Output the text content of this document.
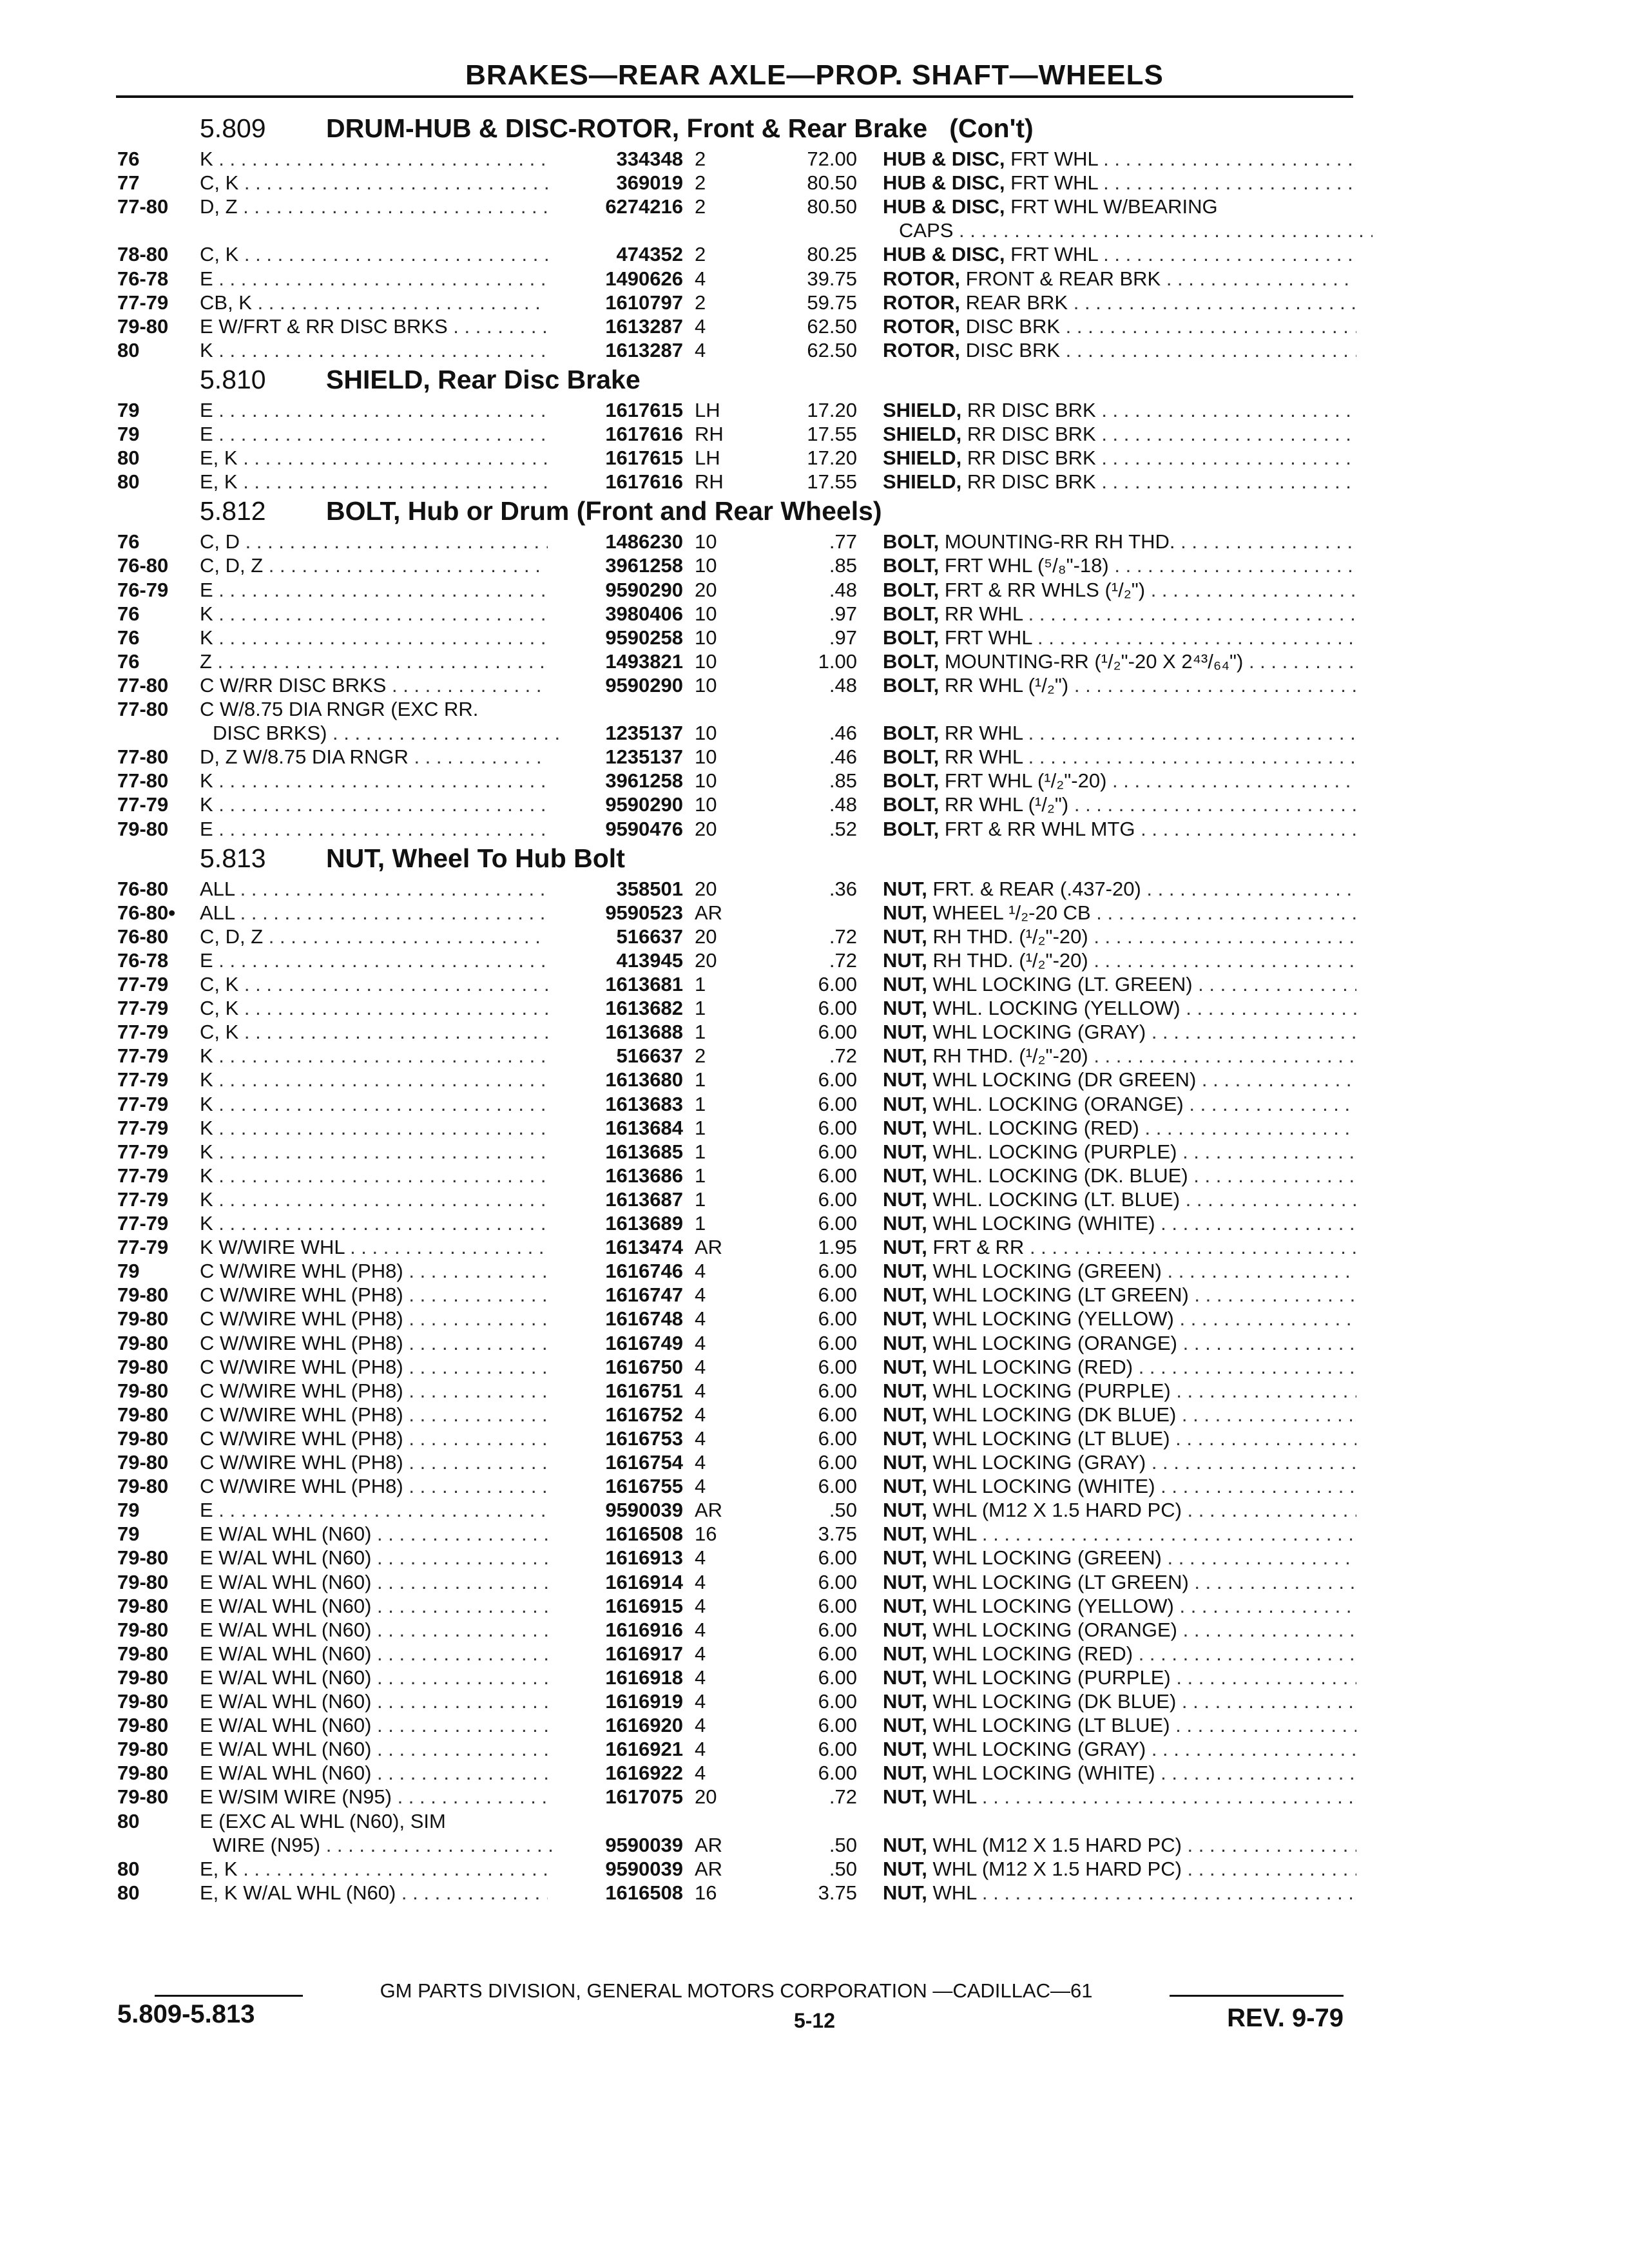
BRAKES—REAR AXLE—PROP. SHAFT—WHEELS
5.809 DRUM-HUB & DISC-ROTOR, Front & Rear Brake (Con't)
76	K . . .	334348 2	72.00 HUB & DISC, FRT WHL . . .
77	C, K . . .	369019 2	80.50 HUB & DISC, FRT WHL . . .
77-80	D, Z . . .	6274216 2	80.50 HUB & DISC, FRT WHL W/BEARING
CAPS . . .
78-80	C, K . . .	474352 2	80.25 HUB & DISC, FRT WHL . . .
76-78	E . . .	1490626 4	39.75 ROTOR, FRONT & REAR BRK . . .
77-79	CB, K . . .	1610797 2	59.75 ROTOR, REAR BRK . . .
79-80	E W/FRT & RR DISC BRKS . . .	1613287 4	62.50 ROTOR, DISC BRK . . .
80	K . . .	1613287 4	62.50 ROTOR, DISC BRK . . .
5.810 SHIELD, Rear Disc Brake
79	E . . .	1617615 LH	17.20 SHIELD, RR DISC BRK . . .
79	E . . .	1617616 RH	17.55 SHIELD, RR DISC BRK . . .
80	E, K . . .	1617615 LH	17.20 SHIELD, RR DISC BRK . . .
80	E, K . . .	1617616 RH	17.55 SHIELD, RR DISC BRK . . .
5.812 BOLT, Hub or Drum (Front and Rear Wheels)
76	C, D . . .	1486230 10	.77 BOLT, MOUNTING-RR RH THD. . . .
76-80	C, D, Z . . .	3961258 10	.85 BOLT, FRT WHL (⁵/₈"-18) . . .
76-79	E . . .	9590290 20	.48 BOLT, FRT & RR WHLS (¹/₂") . . .
76	K . . .	3980406 10	.97 BOLT, RR WHL . . .
76	K . . .	9590258 10	.97 BOLT, FRT WHL . . .
76	Z . . .	1493821 10	1.00 BOLT, MOUNTING-RR (¹/₂"-20 X 2⁴³/₆₄") . . .
77-80	C W/RR DISC BRKS . . .	9590290 10	.48 BOLT, RR WHL (¹/₂") . . .
77-80	C W/8.75 DIA RNGR (EXC RR.
DISC BRKS) . . .	1235137 10	.46 BOLT, RR WHL . . .
77-80	D, Z W/8.75 DIA RNGR . . .	1235137 10	.46 BOLT, RR WHL . . .
77-80	K . . .	3961258 10	.85 BOLT, FRT WHL (¹/₂"-20) . . .
77-79	K . . .	9590290 10	.48 BOLT, RR WHL (¹/₂") . . .
79-80	E . . .	9590476 20	.52 BOLT, FRT & RR WHL MTG . . .
5.813 NUT, Wheel To Hub Bolt
76-80	ALL . . .	358501 20	.36 NUT, FRT. & REAR (.437-20) . . .
76-80•	ALL . . .	9590523 AR	NUT, WHEEL ¹/₂-20 CB . . .
76-80	C, D, Z . . .	516637 20	.72 NUT, RH THD. (¹/₂"-20) . . .
76-78	E . . .	413945 20	.72 NUT, RH THD. (¹/₂"-20) . . .
77-79	C, K . . .	1613681 1	6.00 NUT, WHL LOCKING (LT. GREEN) . . .
77-79	C, K . . .	1613682 1	6.00 NUT, WHL. LOCKING (YELLOW) . . .
77-79	C, K . . .	1613688 1	6.00 NUT, WHL LOCKING (GRAY) . . .
77-79	K . . .	516637 2	.72 NUT, RH THD. (¹/₂"-20) . . .
77-79	K . . .	1613680 1	6.00 NUT, WHL LOCKING (DR GREEN) . . .
77-79	K . . .	1613683 1	6.00 NUT, WHL. LOCKING (ORANGE) . . .
77-79	K . . .	1613684 1	6.00 NUT, WHL. LOCKING (RED) . . .
77-79	K . . .	1613685 1	6.00 NUT, WHL. LOCKING (PURPLE) . . .
77-79	K . . .	1613686 1	6.00 NUT, WHL. LOCKING (DK. BLUE) . . .
77-79	K . . .	1613687 1	6.00 NUT, WHL. LOCKING (LT. BLUE) . . .
77-79	K . . .	1613689 1	6.00 NUT, WHL LOCKING (WHITE) . . .
77-79	K W/WIRE WHL . . .	1613474 AR	1.95 NUT, FRT & RR . . .
79	C W/WIRE WHL (PH8) . . .	1616746 4	6.00 NUT, WHL LOCKING (GREEN) . . .
79-80	C W/WIRE WHL (PH8) . . .	1616747 4	6.00 NUT, WHL LOCKING (LT GREEN) . . .
79-80	C W/WIRE WHL (PH8) . . .	1616748 4	6.00 NUT, WHL LOCKING (YELLOW) . . .
79-80	C W/WIRE WHL (PH8) . . .	1616749 4	6.00 NUT, WHL LOCKING (ORANGE) . . .
79-80	C W/WIRE WHL (PH8) . . .	1616750 4	6.00 NUT, WHL LOCKING (RED) . . .
79-80	C W/WIRE WHL (PH8) . . .	1616751 4	6.00 NUT, WHL LOCKING (PURPLE) . . .
79-80	C W/WIRE WHL (PH8) . . .	1616752 4	6.00 NUT, WHL LOCKING (DK BLUE) . . .
79-80	C W/WIRE WHL (PH8) . . .	1616753 4	6.00 NUT, WHL LOCKING (LT BLUE) . . .
79-80	C W/WIRE WHL (PH8) . . .	1616754 4	6.00 NUT, WHL LOCKING (GRAY) . . .
79-80	C W/WIRE WHL (PH8) . . .	1616755 4	6.00 NUT, WHL LOCKING (WHITE) . . .
79	E . . .	9590039 AR	.50 NUT, WHL (M12 X 1.5 HARD PC) . . .
79	E W/AL WHL (N60) . . .	1616508 16	3.75 NUT, WHL . . .
79-80	E W/AL WHL (N60) . . .	1616913 4	6.00 NUT, WHL LOCKING (GREEN) . . .
79-80	E W/AL WHL (N60) . . .	1616914 4	6.00 NUT, WHL LOCKING (LT GREEN) . . .
79-80	E W/AL WHL (N60) . . .	1616915 4	6.00 NUT, WHL LOCKING (YELLOW) . . .
79-80	E W/AL WHL (N60) . . .	1616916 4	6.00 NUT, WHL LOCKING (ORANGE) . . .
79-80	E W/AL WHL (N60) . . .	1616917 4	6.00 NUT, WHL LOCKING (RED) . . .
79-80	E W/AL WHL (N60) . . .	1616918 4	6.00 NUT, WHL LOCKING (PURPLE) . . .
79-80	E W/AL WHL (N60) . . .	1616919 4	6.00 NUT, WHL LOCKING (DK BLUE) . . .
79-80	E W/AL WHL (N60) . . .	1616920 4	6.00 NUT, WHL LOCKING (LT BLUE) . . .
79-80	E W/AL WHL (N60) . . .	1616921 4	6.00 NUT, WHL LOCKING (GRAY) . . .
79-80	E W/AL WHL (N60) . . .	1616922 4	6.00 NUT, WHL LOCKING (WHITE) . . .
79-80	E W/SIM WIRE (N95) . . .	1617075 20	.72 NUT, WHL . . .
80	E (EXC AL WHL (N60), SIM
WIRE (N95) . . .	9590039 AR	.50 NUT, WHL (M12 X 1.5 HARD PC) . . .
80	E, K . . .	9590039 AR	.50 NUT, WHL (M12 X 1.5 HARD PC) . . .
80	E, K W/AL WHL (N60) . . .	1616508 16	3.75 NUT, WHL . . .
GM PARTS DIVISION, GENERAL MOTORS CORPORATION —CADILLAC—61
5.809-5.813	5-12	REV. 9-79
